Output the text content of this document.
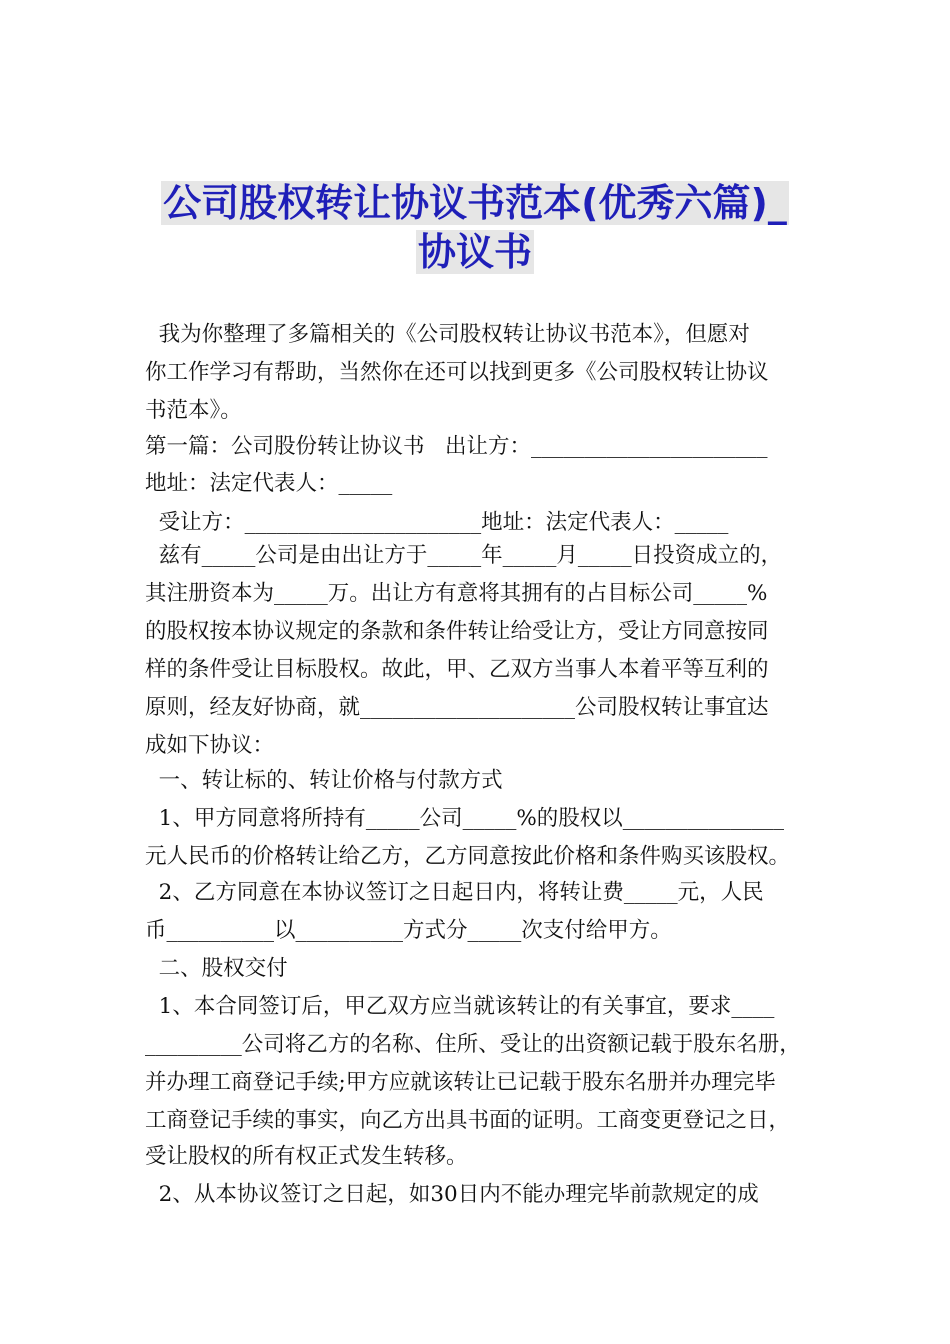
公司股权转让协议书范本(优秀六篇)_
协议书
我为你整理了多篇相关的《公司股权转让协议书范本》，但愿对
你工作学习有帮助，当然你在还可以找到更多《公司股权转让协议
书范本》。
第一篇：公司股份转让协议书   出让方：______________________
地址：法定代表人：_____
受让方：______________________地址：法定代表人：_____
兹有_____公司是由出让方于_____年_____月_____日投资成立的，
其注册资本为_____万。出让方有意将其拥有的占目标公司_____%
的股权按本协议规定的条款和条件转让给受让方，受让方同意按同
样的条件受让目标股权。故此，甲、乙双方当事人本着平等互利的
原则，经友好协商，就____________________公司股权转让事宜达
成如下协议：
一、转让标的、转让价格与付款方式
1、甲方同意将所持有_____公司_____%的股权以_______________
元人民币的价格转让给乙方，乙方同意按此价格和条件购买该股权。
2、乙方同意在本协议签订之日起日内，将转让费_____元，人民
币__________以__________方式分_____次支付给甲方。
二、股权交付
1、本合同签订后，甲乙双方应当就该转让的有关事宜，要求____
_________公司将乙方的名称、住所、受让的出资额记载于股东名册，
并办理工商登记手续;甲方应就该转让已记载于股东名册并办理完毕
工商登记手续的事实，向乙方出具书面的证明。工商变更登记之日，
受让股权的所有权正式发生转移。
2、从本协议签订之日起，如30日内不能办理完毕前款规定的成
